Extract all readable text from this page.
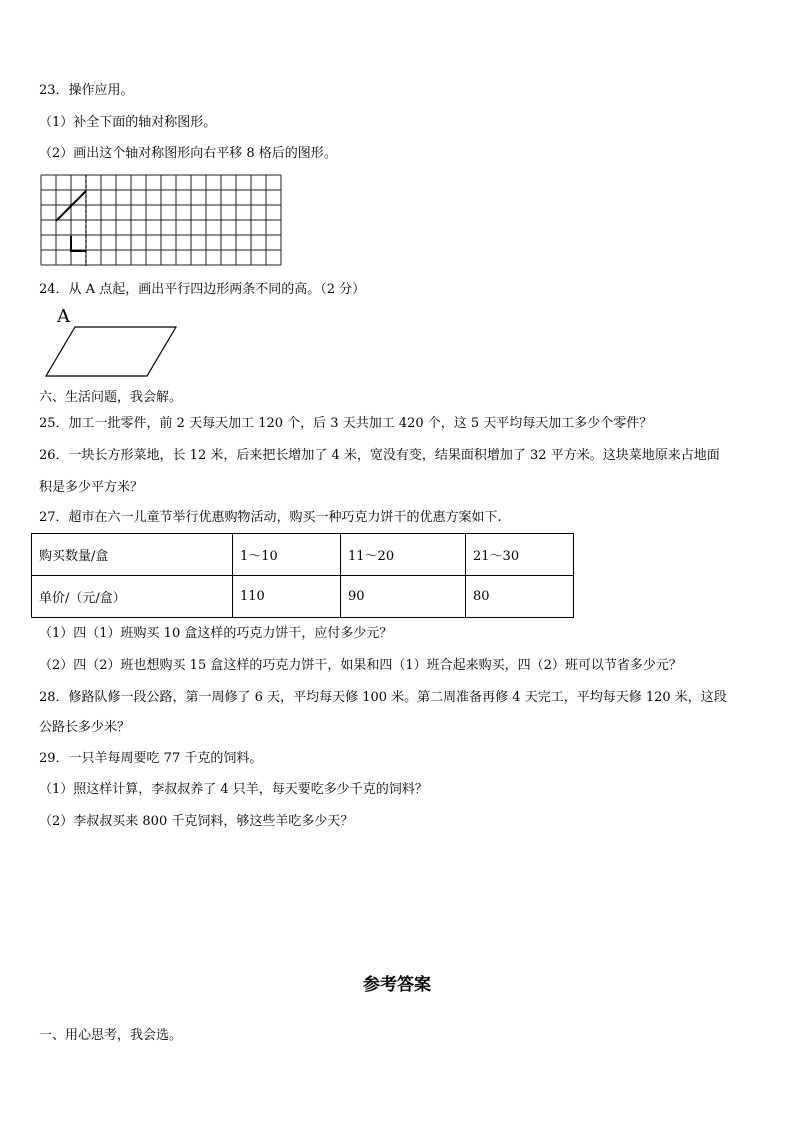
23．操作应用。

（1）补全下面的轴对称图形。

（2）画出这个轴对称图形向右平移 8 格后的图形。

24．从 A 点起，画出平行四边形两条不同的高。（2 分）

A

六、生活问题，我会解。

25．加工一批零件，前 2 天每天加工 120 个，后 3 天共加工 420 个，这 5 天平均每天加工多少个零件？

26．一块长方形菜地，长 12 米，后来把长增加了 4 米，宽没有变，结果面积增加了 32 平方米。这块菜地原来占地面

积是多少平方米？

27．超市在六一儿童节举行优惠购物活动，购买一种巧克力饼干的优惠方案如下.

购买数量/盒	1～10	11～20	21～30
单价/（元/盒）	110	90	80

（1）四（1）班购买 10 盒这样的巧克力饼干，应付多少元？

（2）四（2）班也想购买 15 盒这样的巧克力饼干，如果和四（1）班合起来购买，四（2）班可以节省多少元？

28．修路队修一段公路，第一周修了 6 天，平均每天修 100 米。第二周准备再修 4 天完工，平均每天修 120 米，这段

公路长多少米？

29．一只羊每周要吃 77 千克的饲料。

（1）照这样计算，李叔叔养了 4 只羊，每天要吃多少千克的饲料？

（2）李叔叔买来 800 千克饲料，够这些羊吃多少天？

参考答案

一、用心思考，我会选。
